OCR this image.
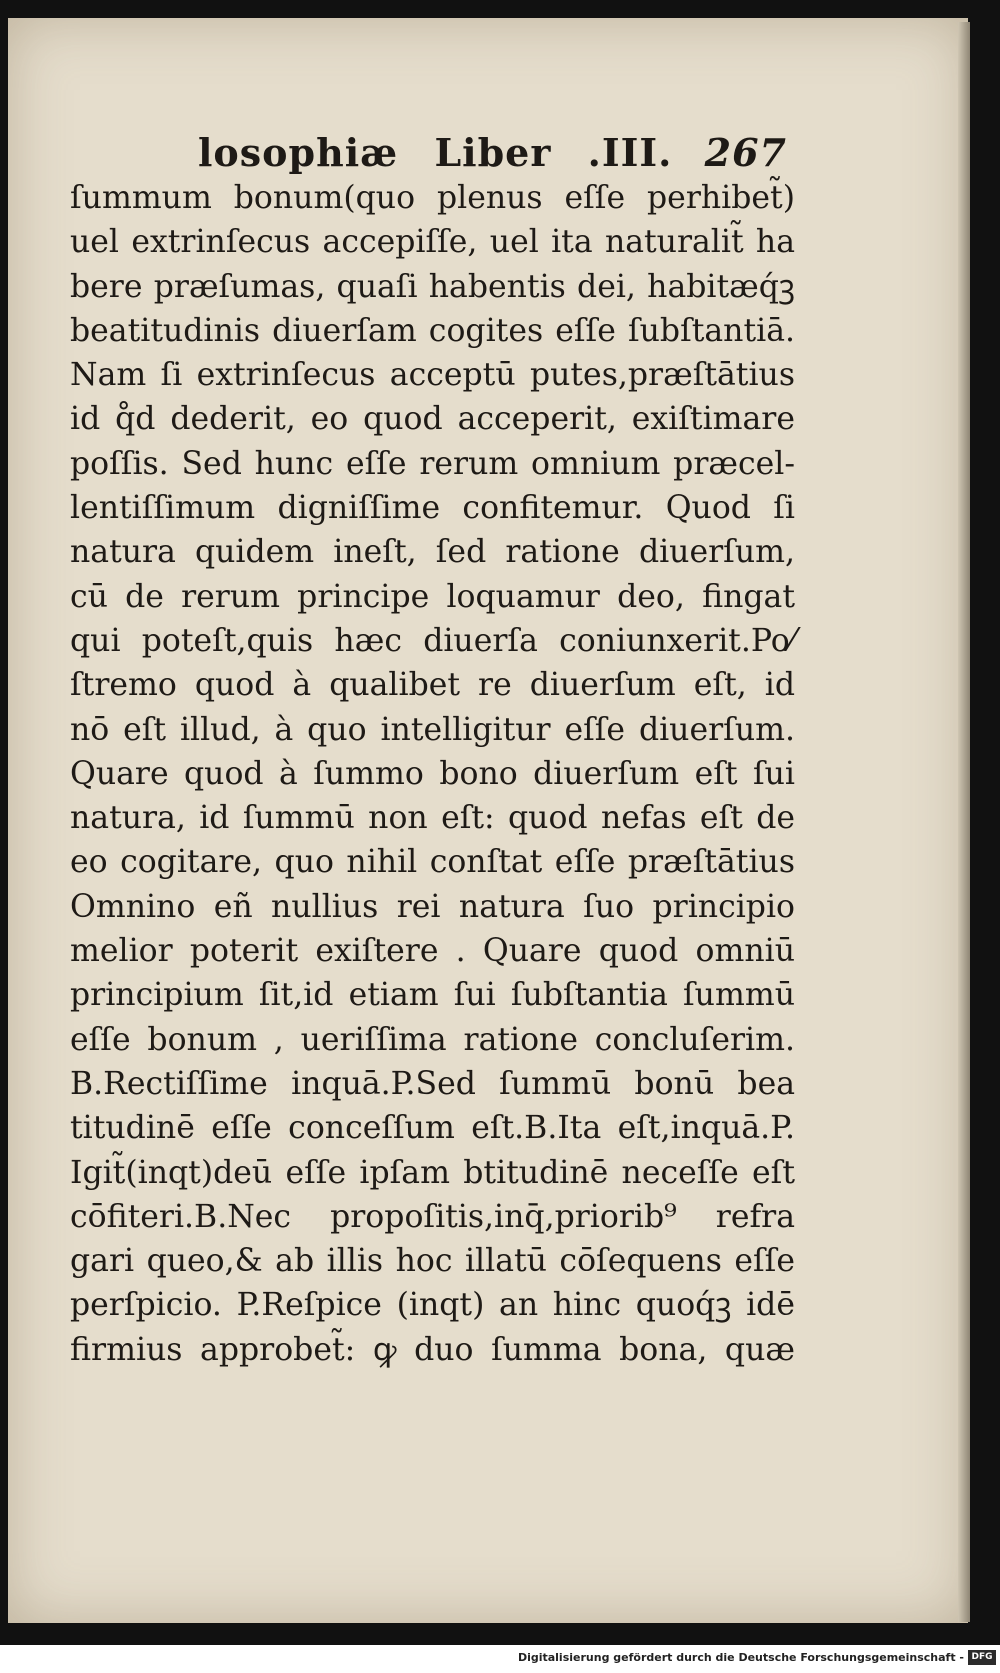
losophiæ Liber .III. 267
ſummum bonum(quo plenus eſſe perhibet̃)
uel extrinſecus accepiſſe, uel ita naturalit̃ ha
bere præſumas, quaſi habentis dei, habitæq́ꝫ
beatitudinis diuerſam cogites eſſe ſubſtantiā.
Nam ſi extrinſecus acceptū putes,præſtātius
id q̊d dederit, eo quod acceperit, exiſtimare
poſſis. Sed hunc eſſe rerum omnium præcel-
lentiſſimum digniſſime confitemur. Quod ſi
natura quidem ineſt, ſed ratione diuerſum,
cū de rerum principe loquamur deo, fingat
qui poteſt,quis hæc diuerſa coniunxerit.Po⁄
ſtremo quod à qualibet re diuerſum eſt, id
nō eſt illud, à quo intelligitur eſſe diuerſum.
Quare quod à ſummo bono diuerſum eſt ſui
natura, id ſummū non eſt: quod nefas eſt de
eo cogitare, quo nihil conſtat eſſe præſtātius
Omnino eñ nullius rei natura ſuo principio
melior poterit exiſtere . Quare quod omniū
principium ſit,id etiam ſui ſubſtantia ſummū
eſſe bonum , ueriſſima ratione concluſerim.
B.Rectiſſime inquā.P.Sed ſummū bonū bea
titudinē eſſe conceſſum eſt.B.Ita eſt,inquā.P.
Igit̃(inqt)deū eſſe ipſam btitudinē neceſſe eſt
cōfiteri.B.Nec propoſitis,inq̄,priorib⁹ refra
gari queo,& ab illis hoc illatū cōſequens eſſe
perſpicio. P.Reſpice (inqt) an hinc quoq́ꝫ idē
firmius approbet̃: ꝙ duo ſumma bona, quæ
Digitalisierung gefördert durch die Deutsche Forschungsgemeinschaft - DFG
